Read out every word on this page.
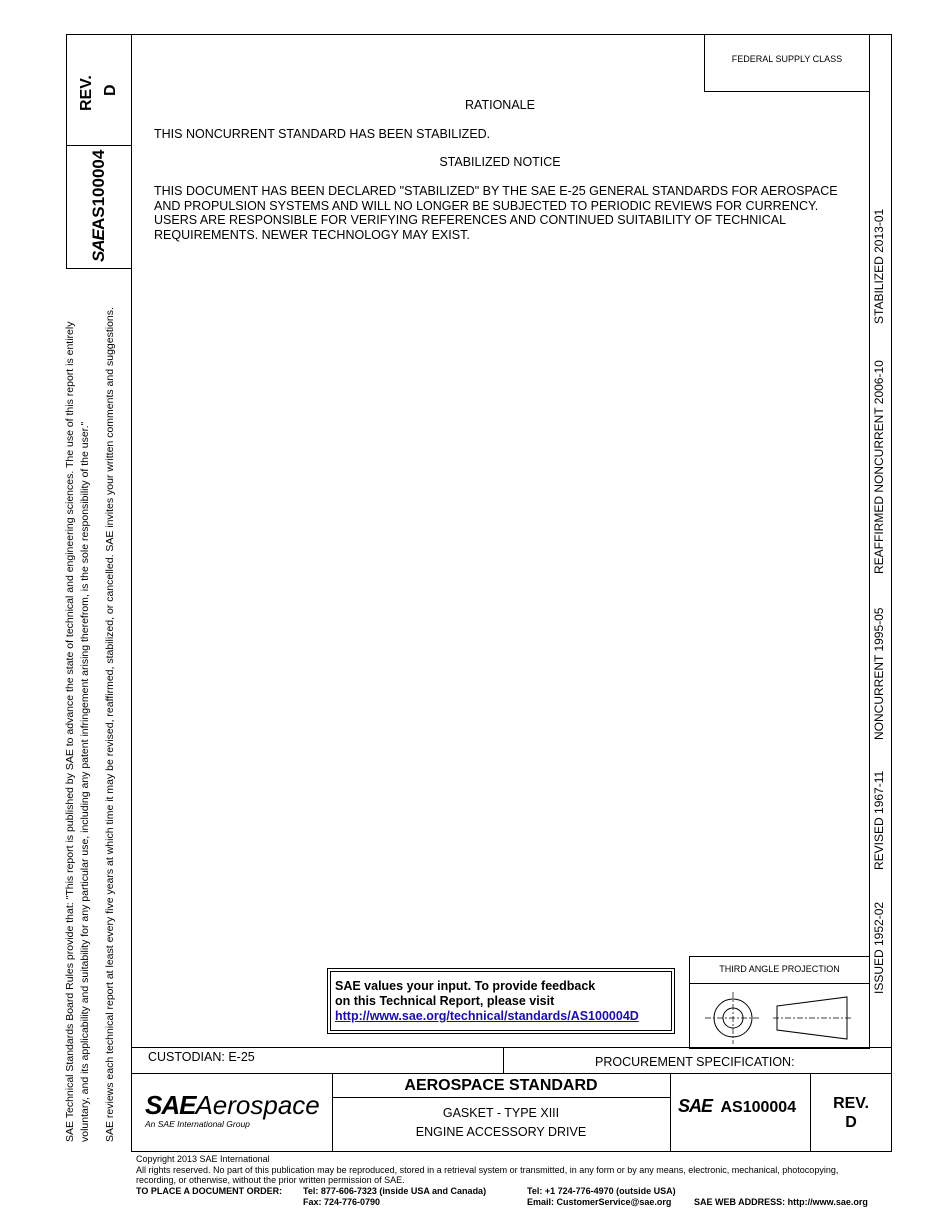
REV. D
SAEAS100004
SAE Technical Standards Board Rules provide that: "This report is published by SAE to advance the state of technical and engineering sciences. The use of this report is entirely voluntary, and its applicability and suitability for any particular use, including any patent infringement arising therefrom, is the sole responsibility of the user." SAE reviews each technical report at least every five years at which time it may be revised, reaffirmed, stabilized, or cancelled. SAE invites your written comments and suggestions.
FEDERAL SUPPLY CLASS
STABILIZED 2013-01
REAFFIRMED NONCURRENT 2006-10
NONCURRENT 1995-05
REVISED 1967-11
ISSUED 1952-02
RATIONALE
THIS NONCURRENT STANDARD HAS BEEN STABILIZED.
STABILIZED NOTICE
THIS DOCUMENT HAS BEEN DECLARED "STABILIZED" BY THE SAE E-25 GENERAL STANDARDS FOR AEROSPACE
AND PROPULSION SYSTEMS AND WILL NO LONGER BE SUBJECTED TO PERIODIC REVIEWS FOR CURRENCY.
USERS ARE RESPONSIBLE FOR VERIFYING REFERENCES AND CONTINUED SUITABILITY OF TECHNICAL
REQUIREMENTS. NEWER TECHNOLOGY MAY EXIST.
SAE values your input. To provide feedback
on this Technical Report, please visit
http://www.sae.org/technical/standards/AS100004D
THIRD ANGLE PROJECTION
CUSTODIAN: E-25	PROCUREMENT SPECIFICATION:
SAEAerospace
An SAE International Group
AEROSPACE STANDARD
GASKET - TYPE XIII
ENGINE ACCESSORY DRIVE
SAE AS100004	REV.
D
Copyright 2013 SAE International
All rights reserved. No part of this publication may be reproduced, stored in a retrieval system or transmitted, in any form or by any means, electronic, mechanical, photocopying,
recording, or otherwise, without the prior written permission of SAE.
TO PLACE A DOCUMENT ORDER: Tel: 877-606-7323 (inside USA and Canada)
Fax: 724-776-0790
Tel: +1 724-776-4970 (outside USA)
Email: CustomerService@sae.org	SAE WEB ADDRESS: http://www.sae.org
